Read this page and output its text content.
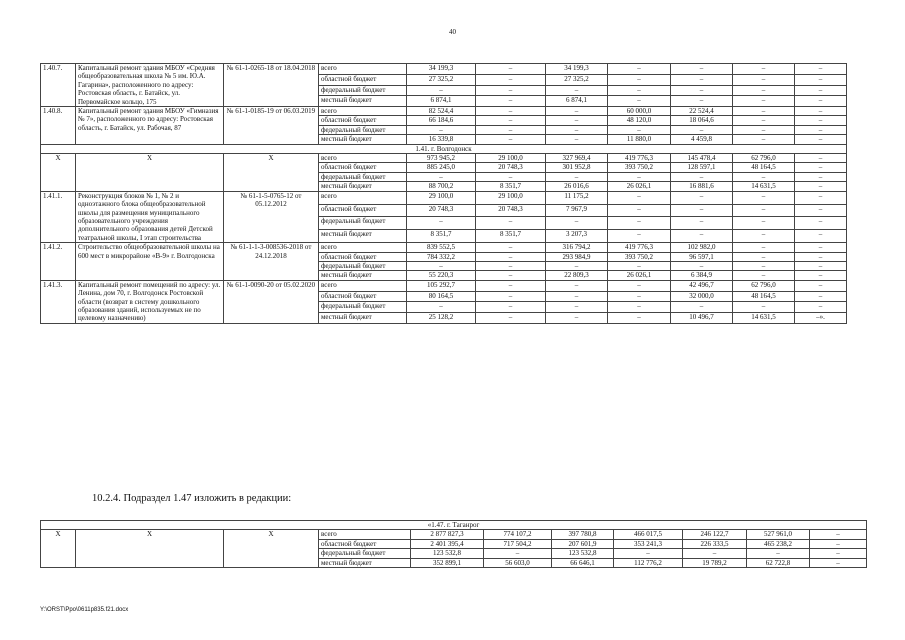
40
1.40.7.	Капитальный ремонт здания МБОУ «Средняя общеобразовательная школа № 5 им. Ю.А. Гагарина», расположенного по адресу: Ростовская область, г. Батайск, ул. Первомайское кольцо, 175	№ 61-1-0265-18 от 18.04.2018	всего	34 199,3	–	34 199,3	–	–	–	–
			областной бюджет	27 325,2	–	27 325,2	–	–	–	–
			федеральный бюджет	–	–	–	–	–	–	–
			местный бюджет	6 874,1	–	6 874,1	–	–	–	–
1.40.8.	Капитальный ремонт здания МБОУ «Гимназия № 7», расположенного по адресу: Ростовская область, г. Батайск, ул. Рабочая, 87	№ 61-1-0185-19 от 06.03.2019	всего	82 524,4	–	–	60 000,0	22 524,4	–	–
			областной бюджет	66 184,6	–	–	48 120,0	18 064,6	–	–
			федеральный бюджет	–	–	–	–	–	–	–
			местный бюджет	16 339,8	–	–	11 880,0	4 459,8	–	–
1.41. г. Волгодонск										
Х	Х	Х	всего	973 945,2	29 100,0	327 969,4	419 776,3	145 478,4	62 796,0	–
			областной бюджет	885 245,0	20 748,3	301 952,8	393 750,2	128 597,1	48 164,5	–
			федеральный бюджет	–	–	–	–	–	–	–
			местный бюджет	88 700,2	8 351,7	26 016,6	26 026,1	16 881,6	14 631,5	–
1.41.1.	Реконструкция блоков № 1, № 2 и одноэтажного блока общеобразовательной школы для размещения муниципального образовательного учреждения дополнительного образования детей Детской театральной школы, I этап строительства	№ 61-1-5-0765-12 от 05.12.2012	всего	29 100,0	29 100,0	11 175,2	–	–	–	–
			областной бюджет	20 748,3	20 748,3	7 967,9	–	–	–	–
			федеральный бюджет	–	–	–	–	–	–	–
			местный бюджет	8 351,7	8 351,7	3 207,3	–	–	–	–
1.41.2.	Строительство общеобразовательной школы на 600 мест в микрорайоне «В-9» г. Волгодонска	№ 61-1-1-3-008536-2018 от 24.12.2018	всего	839 552,5	–	316 794,2	419 776,3	102 982,0	–	–
			областной бюджет	784 332,2	–	293 984,9	393 750,2	96 597,1	–	–
			федеральный бюджет	–	–	–	–	–	–	–
			местный бюджет	55 220,3	–	22 809,3	26 026,1	6 384,9	–	–
1.41.3.	Капитальный ремонт помещений по адресу: ул. Ленина, дом 70, г. Волгодонск Ростовской области (возврат в систему дошкольного образования зданий, используемых не по целевому назначению)	№ 61-1-0090-20 от 05.02.2020	всего	105 292,7	–	–	–	42 496,7	62 796,0	–
			областной бюджет	80 164,5	–	–	–	32 000,0	48 164,5	–
			федеральный бюджет	–	–	–	–	–	–	–
			местный бюджет	25 128,2	–	–	–	10 496,7	14 631,5	–».
10.2.4. Подраздел 1.47 изложить в редакции:
«1.47. г. Таганрог										
Х	Х	Х	всего	2 877 827,3	774 107,2	397 780,8	466 017,5	246 122,7	527 961,0	–
			областной бюджет	2 401 395,4	717 504,2	207 601,9	353 241,3	226 333,5	465 238,2	–
			федеральный бюджет	123 532,8	–	123 532,8	–	–	–	–
			местный бюджет	352 899,1	56 603,0	66 646,1	112 776,2	19 789,2	62 722,8	–
Y:\ORST\Ppo\0611p835.f21.docx
